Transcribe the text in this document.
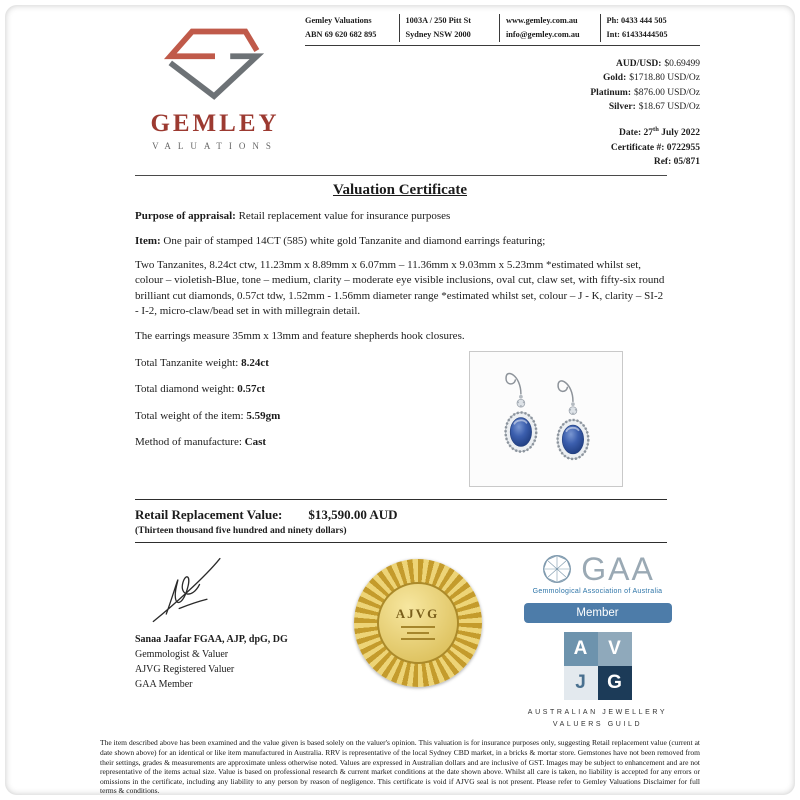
GEMLEY
VALUATIONS
Gemley Valuations
ABN 69 620 682 895
1003A / 250 Pitt St
Sydney NSW 2000
www.gemley.com.au
info@gemley.com.au
Ph: 0433 444 505
Int: 61433444505
AUD/USD: $0.69499
Gold: $1718.80 USD/Oz
Platinum: $876.00 USD/Oz
Silver: $18.67 USD/Oz
Date: 27th July 2022
Certificate #: 0722955
Ref: 05/871
Valuation Certificate

Purpose of appraisal: Retail replacement value for insurance purposes

Item: One pair of stamped 14CT (585) white gold Tanzanite and diamond earrings featuring;

Two Tanzanites, 8.24ct ctw, 11.23mm x 8.89mm x 6.07mm – 11.36mm x 9.03mm x 5.23mm *estimated whilst set, colour – violetish-Blue, tone – medium, clarity – moderate eye visible inclusions, oval cut, claw set, with fifty-six round brilliant cut diamonds, 0.57ct tdw, 1.52mm - 1.56mm diameter range *estimated whilst set, colour – J - K, clarity – SI-2 - I-2, micro-claw/bead set in with millegrain detail.

The earrings measure 35mm x 13mm and feature shepherds hook closures.

Total Tanzanite weight: 8.24ct
Total diamond weight: 0.57ct
Total weight of the item: 5.59gm
Method of manufacture: Cast
Retail Replacement Value: $13,590.00 AUD
(Thirteen thousand five hundred and ninety dollars)
Sanaa Jaafar FGAA, AJP, dpG, DG
Gemmologist & Valuer
AJVG Registered Valuer
GAA Member
AJVG
GAA
Gemmological Association of Australia
Member
A	V
J	G
AUSTRALIAN JEWELLERY
VALUERS GUILD
The item described above has been examined and the value given is based solely on the valuer's opinion. This valuation is for insurance purposes only, suggesting Retail replacement value (current at date shown above) for an identical or like item manufactured in Australia. RRV is representative of the local Sydney CBD market, in a bricks & mortar store. Gemstones have not been removed from their settings, grades & measurements are approximate unless otherwise noted. Values are expressed in Australian dollars and are inclusive of GST. Images may be subject to enhancement and are not representative of the items actual size. Value is based on professional research & current market conditions at the date shown above. Whilst all care is taken, no liability is accepted for any errors or omissions in the certificate, including any liability to any person by reason of negligence. This certificate is void if AJVG seal is not present. Please refer to Gemley Valuations Disclaimer for full terms & conditions.
